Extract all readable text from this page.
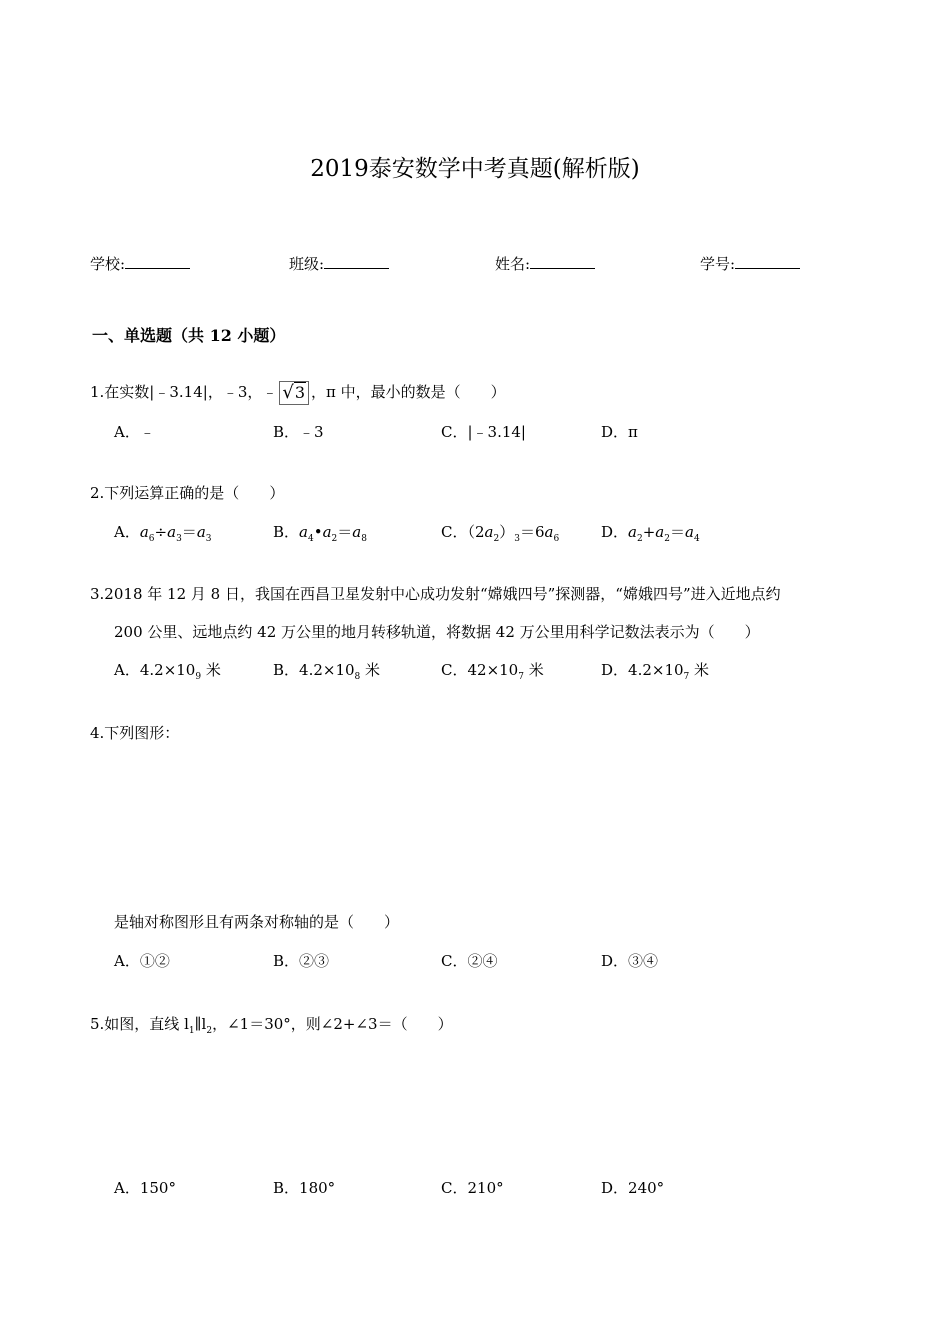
2019泰安数学中考真题(解析版)
学校:	班级:	姓名:	学号:
一、单选题（共 12 小题）
1.在实数|﹣3.14|，﹣3，﹣ √3 ，π 中，最小的数是（　　）
A．﹣	B．﹣3	C．|﹣3.14|	D．π
2.下列运算正确的是（　　）
A．$a_6\div a_3=a_3$	B．$a_4•a_2=a_8$	C．$(2a_2)_3=6a_6$	D．$a_2+a_2=a_4$
3.2018 年 12 月 8 日，我国在西昌卫星发射中心成功发射“嫦娥四号”探测器，“嫦娥四号”进入近地点约
200 公里、远地点约 42 万公里的地月转移轨道，将数据 42 万公里用科学记数法表示为（　　）
A．$4.2\times 10_9$ 米	B．$4.2\times 10_8$ 米	C．$42\times 10_7$ 米	D．$4.2\times 10_7$ 米
4.下列图形：
是轴对称图形且有两条对称轴的是（　　）
A．①②	B．②③	C．②④	D．③④
5.如图，直线 $l_1\parallel l_2$，∠1＝30°，则∠2+∠3＝（　　）
A．150°	B．180°	C．210°	D．240°
